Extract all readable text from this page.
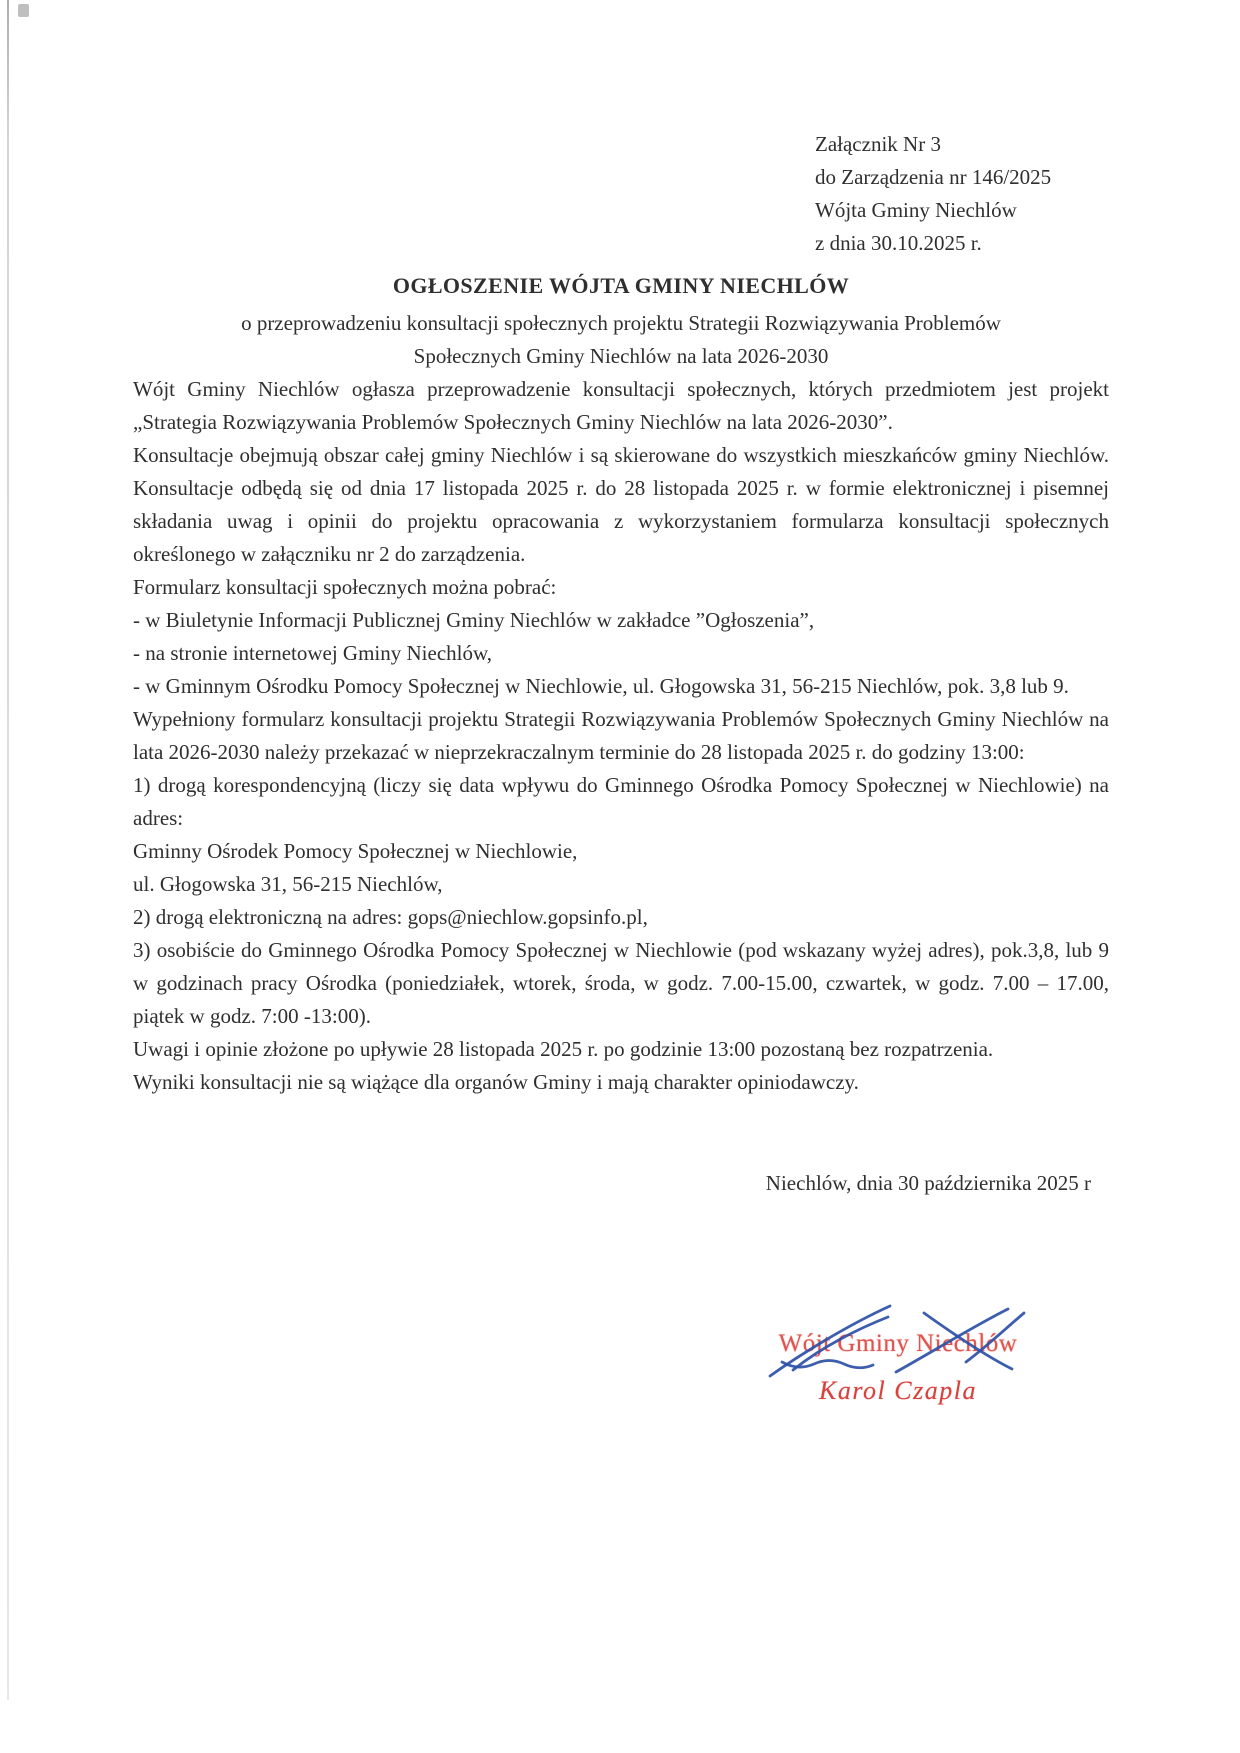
Załącznik Nr 3
do Zarządzenia nr 146/2025
Wójta Gminy Niechlów
z dnia 30.10.2025 r.
OGŁOSZENIE WÓJTA GMINY NIECHLÓW
o przeprowadzeniu konsultacji społecznych projektu Strategii Rozwiązywania Problemów Społecznych Gminy Niechlów na lata 2026-2030

Wójt Gminy Niechlów ogłasza przeprowadzenie konsultacji społecznych, których przedmiotem jest projekt „Strategia Rozwiązywania Problemów Społecznych Gminy Niechlów na lata 2026-2030”.

Konsultacje obejmują obszar całej gminy Niechlów i są skierowane do wszystkich mieszkańców gminy Niechlów. Konsultacje odbędą się od dnia 17 listopada 2025 r. do 28 listopada 2025 r. w formie elektronicznej i pisemnej składania uwag i opinii do projektu opracowania z wykorzystaniem formularza konsultacji społecznych określonego w załączniku nr 2 do zarządzenia.

Formularz konsultacji społecznych można pobrać:

- w Biuletynie Informacji Publicznej Gminy Niechlów w zakładce ”Ogłoszenia”,

- na stronie internetowej Gminy Niechlów,

- w Gminnym Ośrodku Pomocy Społecznej w Niechlowie, ul. Głogowska 31, 56-215 Niechlów, pok. 3,8 lub 9.

Wypełniony formularz konsultacji projektu Strategii Rozwiązywania Problemów Społecznych Gminy Niechlów na lata 2026-2030 należy przekazać w nieprzekraczalnym terminie do 28 listopada 2025 r. do godziny 13:00:

1) drogą korespondencyjną (liczy się data wpływu do Gminnego Ośrodka Pomocy Społecznej w Niechlowie) na adres:

Gminny Ośrodek Pomocy Społecznej w Niechlowie,

ul. Głogowska 31, 56-215 Niechlów,

2) drogą elektroniczną na adres: gops@niechlow.gopsinfo.pl,

3) osobiście do Gminnego Ośrodka Pomocy Społecznej w Niechlowie (pod wskazany wyżej adres), pok.3,8, lub 9 w godzinach pracy Ośrodka (poniedziałek, wtorek, środa, w godz. 7.00-15.00, czwartek, w godz. 7.00 – 17.00, piątek w godz. 7:00 -13:00).

Uwagi i opinie złożone po upływie 28 listopada 2025 r. po godzinie 13:00 pozostaną bez rozpatrzenia.

Wyniki konsultacji nie są wiążące dla organów Gminy i mają charakter opiniodawczy.

Niechlów, dnia 30 października 2025 r
Wójt Gminy Niechlów
Karol Czapla
